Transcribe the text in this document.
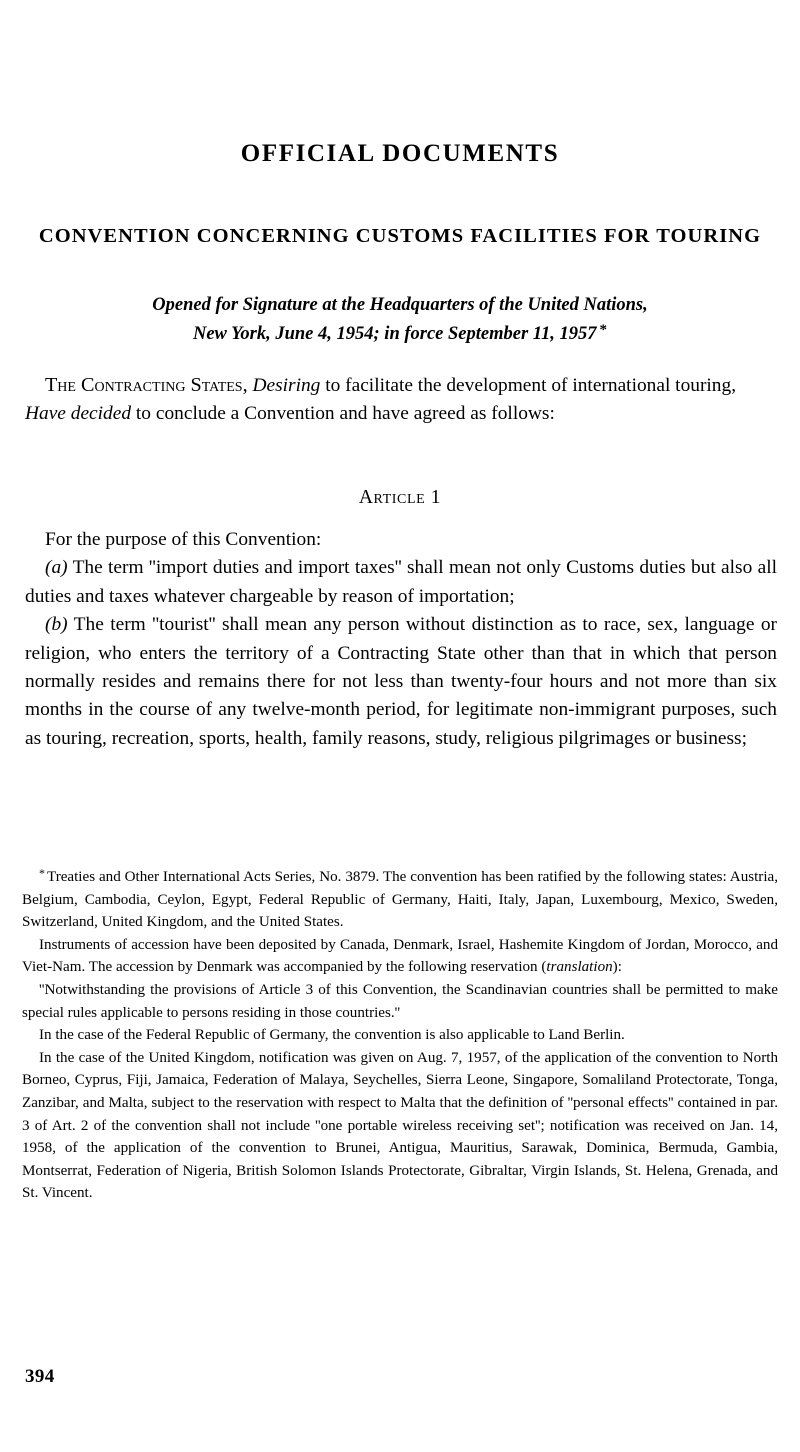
OFFICIAL DOCUMENTS
CONVENTION CONCERNING CUSTOMS FACILITIES FOR TOURING
Opened for Signature at the Headquarters of the United Nations,
New York, June 4, 1954; in force September 11, 1957 *

The Contracting States, Desiring to facilitate the development of international touring,

Have decided to conclude a Convention and have agreed as follows:

Article 1

For the purpose of this Convention:

(a) The term ''import duties and import taxes'' shall mean not only Customs duties but also all duties and taxes whatever chargeable by reason of importation;

(b) The term ''tourist'' shall mean any person without distinction as to race, sex, language or religion, who enters the territory of a Contracting State other than that in which that person normally resides and remains there for not less than twenty-four hours and not more than six months in the course of any twelve-month period, for legitimate non-immigrant purposes, such as touring, recreation, sports, health, family reasons, study, religious pilgrimages or business;

* Treaties and Other International Acts Series, No. 3879. The convention has been ratified by the following states: Austria, Belgium, Cambodia, Ceylon, Egypt, Federal Republic of Germany, Haiti, Italy, Japan, Luxembourg, Mexico, Sweden, Switzerland, United Kingdom, and the United States.

Instruments of accession have been deposited by Canada, Denmark, Israel, Hashemite Kingdom of Jordan, Morocco, and Viet-Nam. The accession by Denmark was accompanied by the following reservation (translation):

''Notwithstanding the provisions of Article 3 of this Convention, the Scandinavian countries shall be permitted to make special rules applicable to persons residing in those countries.''

In the case of the Federal Republic of Germany, the convention is also applicable to Land Berlin.

In the case of the United Kingdom, notification was given on Aug. 7, 1957, of the application of the convention to North Borneo, Cyprus, Fiji, Jamaica, Federation of Malaya, Seychelles, Sierra Leone, Singapore, Somaliland Protectorate, Tonga, Zanzibar, and Malta, subject to the reservation with respect to Malta that the definition of ''personal effects'' contained in par. 3 of Art. 2 of the convention shall not include ''one portable wireless receiving set''; notification was received on Jan. 14, 1958, of the application of the convention to Brunei, Antigua, Mauritius, Sarawak, Dominica, Bermuda, Gambia, Montserrat, Federation of Nigeria, British Solomon Islands Protectorate, Gibraltar, Virgin Islands, St. Helena, Grenada, and St. Vincent.

394
